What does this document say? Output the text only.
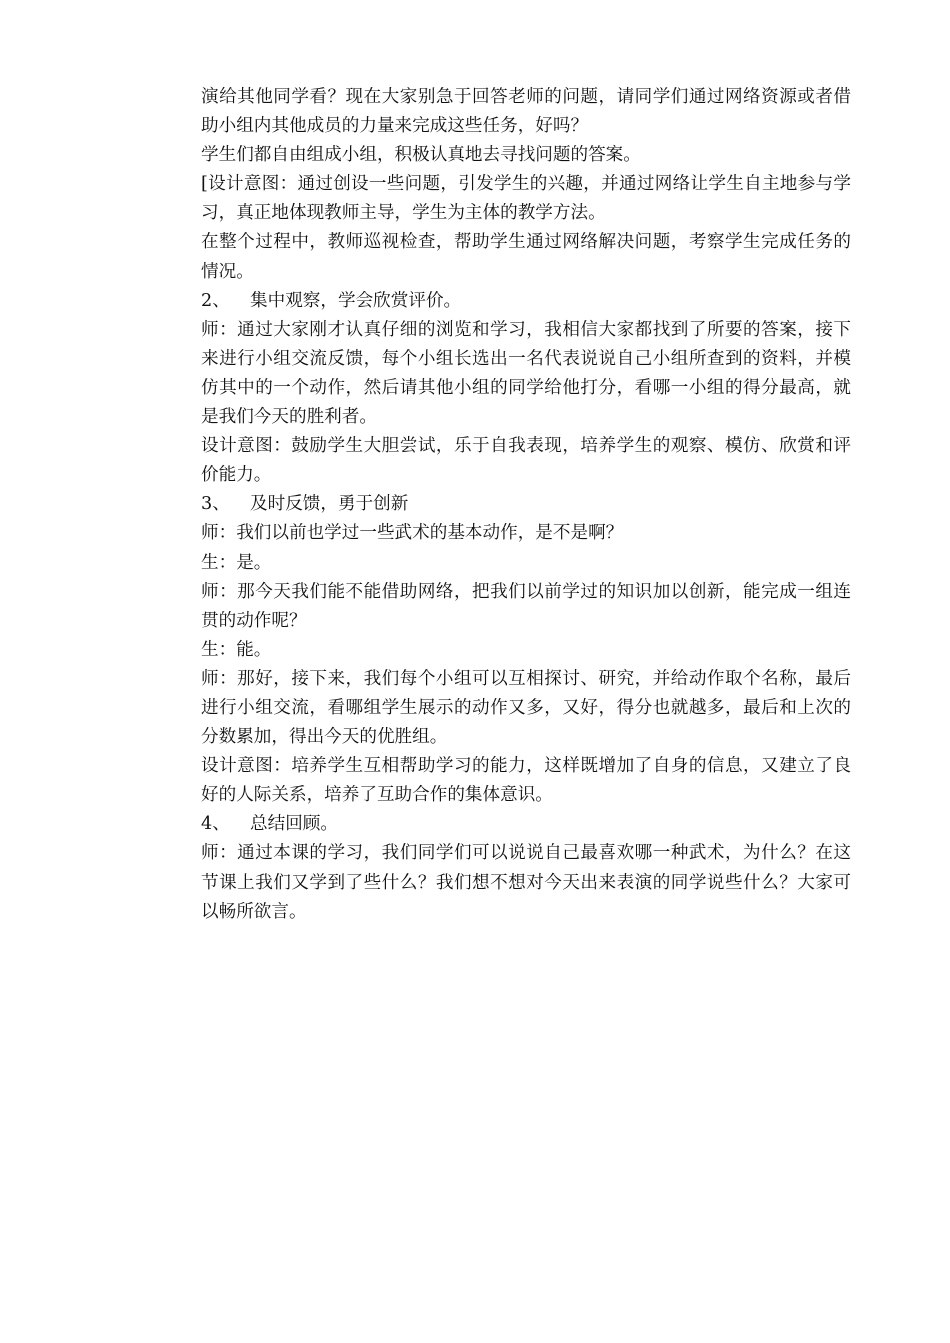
演给其他同学看？现在大家别急于回答老师的问题，请同学们通过网络资源或者借助小组内其他成员的力量来完成这些任务，好吗？

学生们都自由组成小组，积极认真地去寻找问题的答案。

[设计意图：通过创设一些问题，引发学生的兴趣，并通过网络让学生自主地参与学习，真正地体现教师主导，学生为主体的教学方法。

在整个过程中，教师巡视检查，帮助学生通过网络解决问题，考察学生完成任务的情况。

2、	集中观察，学会欣赏评价。

师：通过大家刚才认真仔细的浏览和学习，我相信大家都找到了所要的答案，接下来进行小组交流反馈，每个小组长选出一名代表说说自己小组所查到的资料，并模仿其中的一个动作，然后请其他小组的同学给他打分，看哪一小组的得分最高，就是我们今天的胜利者。

设计意图：鼓励学生大胆尝试，乐于自我表现，培养学生的观察、模仿、欣赏和评价能力。

3、	及时反馈，勇于创新

师：我们以前也学过一些武术的基本动作，是不是啊？

生：是。

师：那今天我们能不能借助网络，把我们以前学过的知识加以创新，能完成一组连贯的动作呢？

生：能。

师：那好，接下来，我们每个小组可以互相探讨、研究，并给动作取个名称，最后进行小组交流，看哪组学生展示的动作又多，又好，得分也就越多，最后和上次的分数累加，得出今天的优胜组。

设计意图：培养学生互相帮助学习的能力，这样既增加了自身的信息，又建立了良好的人际关系，培养了互助合作的集体意识。

4、	总结回顾。

师：通过本课的学习，我们同学们可以说说自己最喜欢哪一种武术，为什么？在这节课上我们又学到了些什么？我们想不想对今天出来表演的同学说些什么？大家可以畅所欲言。
